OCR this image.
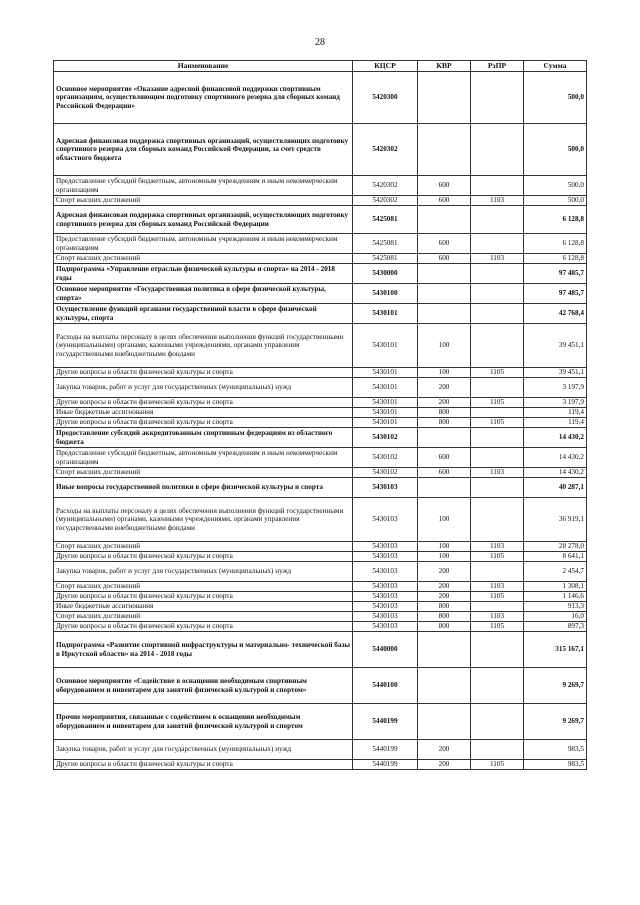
28
Наименование	КЦСР	КВР	РзПР	Сумма
Основное мероприятие «Оказание адресной финансовой поддержки спортивным организациям, осуществляющим подготовку спортивного резерва для сборных команд Российской Федерации»	5420300			500,0
Адресная финансовая поддержка спортивных организаций, осуществляющих подготовку спортивного резерва для сборных команд Российской Федерации, за счет средств областного бюджета	5420302			500,0
Предоставление субсидий бюджетным, автономным учреждениям и иным некоммерческим организациям	5420302	600		500,0
Спорт высших достижений	5420302	600	1103	500,0
Адресная финансовая поддержка спортивных организаций, осуществляющих подготовку спортивного резерва для сборных команд Российской Федерации	5425081			6 128,8
Предоставление субсидий бюджетным, автономным учреждениям и иным некоммерческим организациям	5425081	600		6 128,8
Спорт высших достижений	5425081	600	1103	6 128,8
Подпрограмма «Управление отраслью физической культуры и спорта» на 2014 - 2018 годы	5430000			97 485,7
Основное мероприятие «Государственная политика в сфере физической культуры, спорта»	5430100			97 485,7
Осуществление функций органами государственной власти в сфере физической культуры, спорта	5430101			42 768,4
Расходы на выплаты персоналу в целях обеспечения выполнения функций государственными (муниципальными) органами, казенными учреждениями, органами управления государственными внебюджетными фондами	5430101	100		39 451,1
Другие вопросы в области физической культуры и спорта	5430101	100	1105	39 451,1
Закупка товаров, работ и услуг для государственных (муниципальных) нужд	5430101	200		3 197,9
Другие вопросы в области физической культуры и спорта	5430101	200	1105	3 197,9
Иные бюджетные ассигнования	5430101	800		119,4
Другие вопросы в области физической культуры и спорта	5430101	800	1105	119,4
Предоставление субсидий аккредитованным спортивным федерациям из областного бюджета	5430102			14 430,2
Предоставление субсидий бюджетным, автономным учреждениям и иным некоммерческим организациям	5430102	600		14 430,2
Спорт высших достижений	5430102	600	1103	14 430,2
Иные вопросы государственной политики в сфере физической культуры и спорта	5430103			40 287,1
Расходы на выплаты персоналу в целях обеспечения выполнения функций государственными (муниципальными) органами, казенными учреждениями, органами управления государственными внебюджетными фондами	5430103	100		36 919,1
Спорт высших достижений	5430103	100	1103	28 278,0
Другие вопросы в области физической культуры и спорта	5430103	100	1105	8 641,1
Закупка товаров, работ и услуг для государственных (муниципальных) нужд	5430103	200		2 454,7
Спорт высших достижений	5430103	200	1103	1 308,1
Другие вопросы в области физической культуры и спорта	5430103	200	1105	1 146,6
Иные бюджетные ассигнования	5430103	800		913,3
Спорт высших достижений	5430103	800	1103	16,0
Другие вопросы в области физической культуры и спорта	5430103	800	1105	897,3
Подпрограмма «Развитие спортивной инфраструктуры и материально- технической базы в Иркутской области» на 2014 - 2018 годы	5440000			315 167,1
Основное мероприятие «Содействие в оснащении необходимым спортивным оборудованием и инвентарем для занятий физической культурой и спортом»	5440100			9 269,7
Прочие мероприятия, связанные с содействием в оснащении необходимым оборудованием и инвентарем для занятий физической культурой и спортом	5440199			9 269,7
Закупка товаров, работ и услуг для государственных (муниципальных) нужд	5440199	200		983,5
Другие вопросы в области физической культуры и спорта	5440199	200	1105	983,5
